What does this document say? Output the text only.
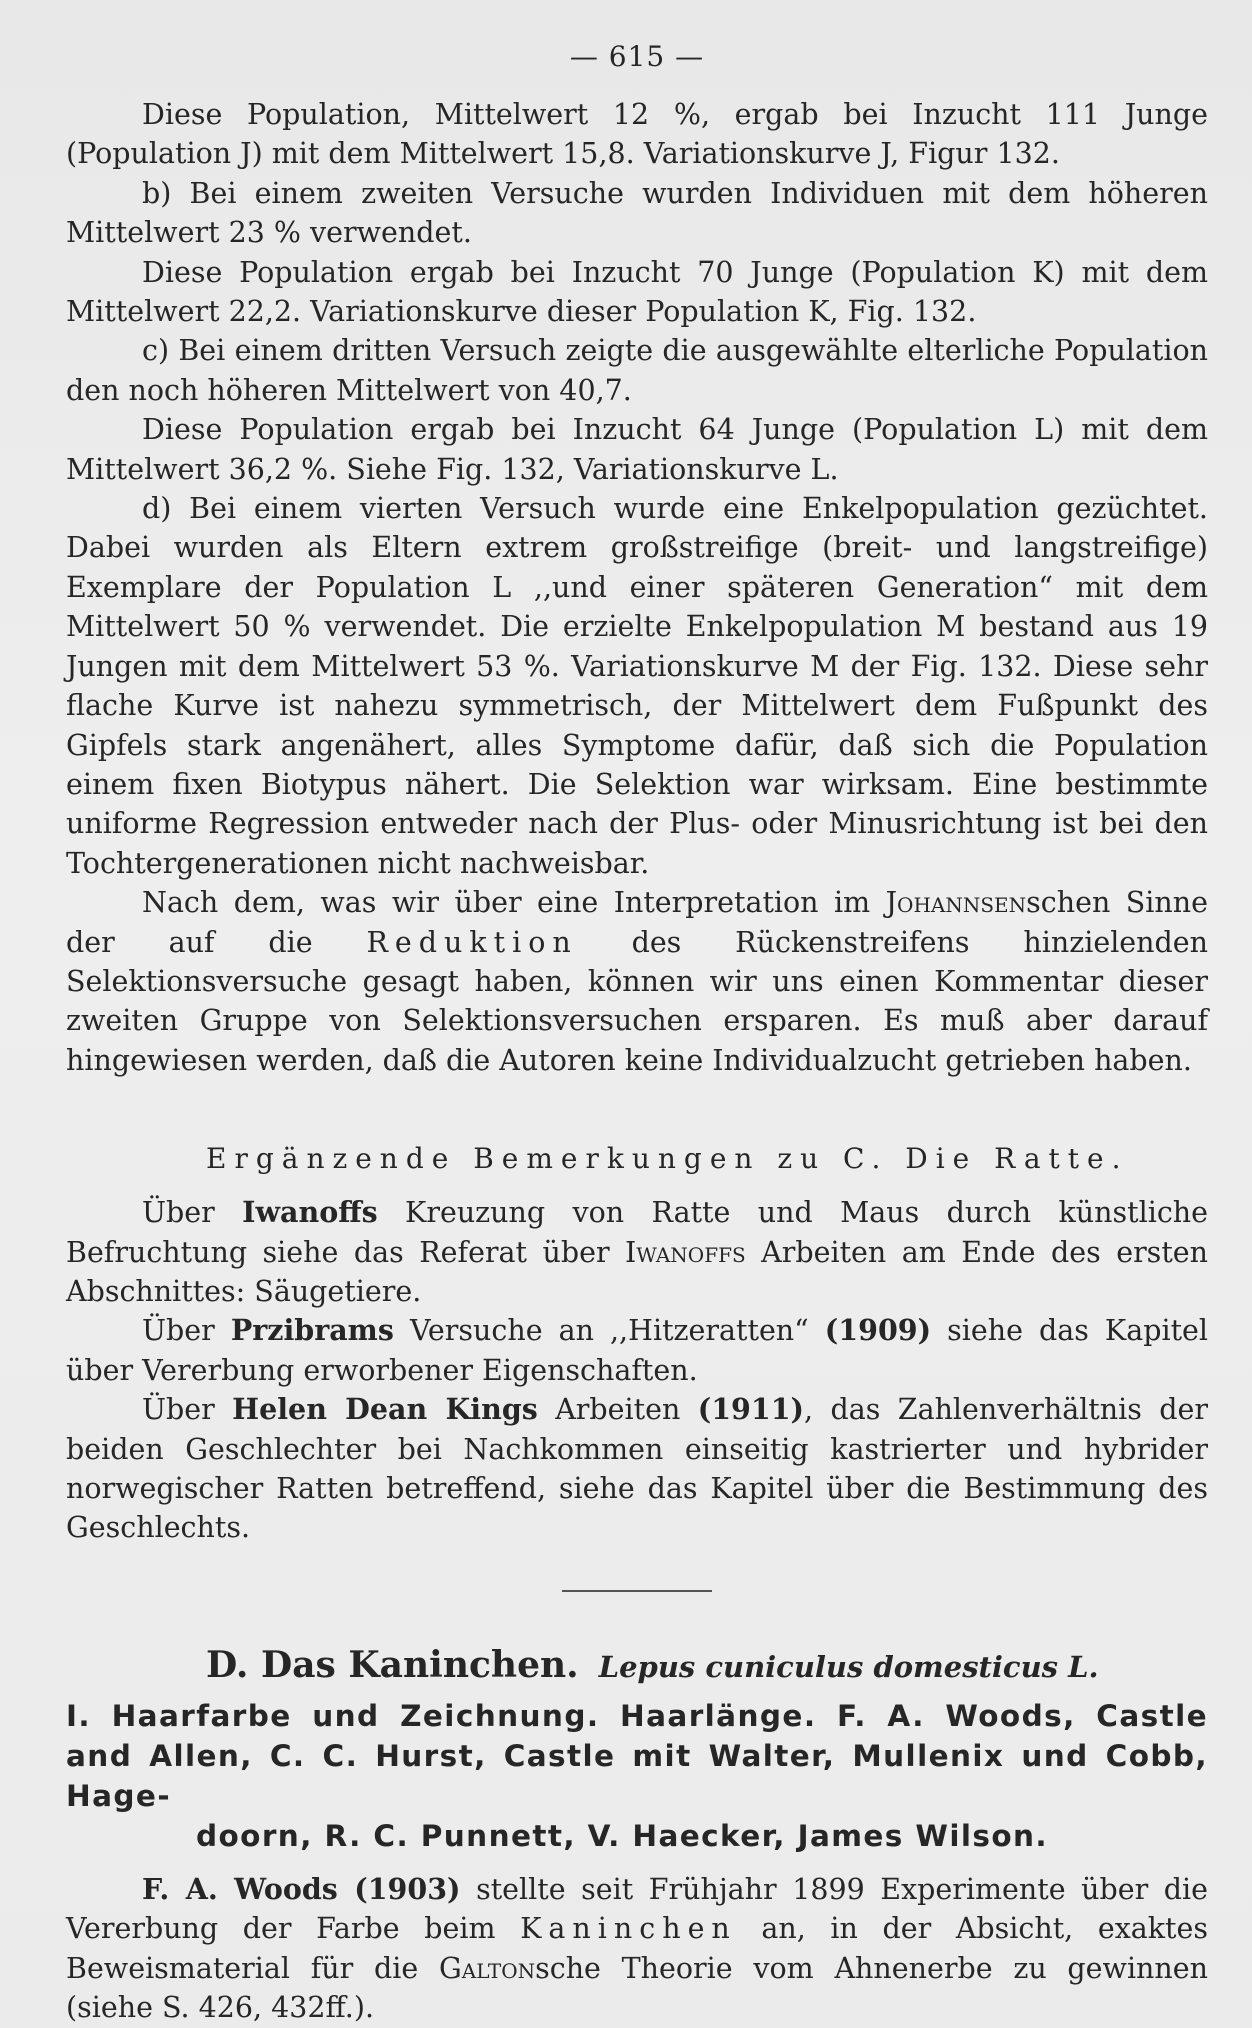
— 615 —

Diese Population, Mittelwert 12 %, ergab bei Inzucht 111 Junge (Population J) mit dem Mittelwert 15,8. Variationskurve J, Figur 132.

b) Bei einem zweiten Versuche wurden Individuen mit dem höheren Mittelwert 23 % verwendet.

Diese Population ergab bei Inzucht 70 Junge (Population K) mit dem Mittelwert 22,2. Variationskurve dieser Population K, Fig. 132.

c) Bei einem dritten Versuch zeigte die ausgewählte elterliche Population den noch höheren Mittelwert von 40,7.

Diese Population ergab bei Inzucht 64 Junge (Population L) mit dem Mittelwert 36,2 %. Siehe Fig. 132, Variationskurve L.

d) Bei einem vierten Versuch wurde eine Enkelpopulation gezüchtet. Dabei wurden als Eltern extrem großstreifige (breit- und langstreifige) Exemplare der Population L ,,und einer späteren Generation“ mit dem Mittelwert 50 % verwendet. Die erzielte Enkelpopulation M bestand aus 19 Jungen mit dem Mittelwert 53 %. Variationskurve M der Fig. 132. Diese sehr flache Kurve ist nahezu symmetrisch, der Mittelwert dem Fußpunkt des Gipfels stark angenähert, alles Symptome dafür, daß sich die Population einem fixen Biotypus nähert. Die Selektion war wirksam. Eine bestimmte uniforme Regression entweder nach der Plus- oder Minusrichtung ist bei den Tochtergenerationen nicht nachweisbar.

Nach dem, was wir über eine Interpretation im Johannsenschen Sinne der auf die Reduktion des Rückenstreifens hinzielenden Selektionsversuche gesagt haben, können wir uns einen Kommentar dieser zweiten Gruppe von Selektionsversuchen ersparen. Es muß aber darauf hingewiesen werden, daß die Autoren keine Individualzucht getrieben haben.

Ergänzende Bemerkungen zu C. Die Ratte.

Über Iwanoffs Kreuzung von Ratte und Maus durch künstliche Befruchtung siehe das Referat über Iwanoffs Arbeiten am Ende des ersten Abschnittes: Säugetiere.

Über Przibrams Versuche an ,,Hitzeratten“ (1909) siehe das Kapitel über Vererbung erworbener Eigenschaften.

Über Helen Dean Kings Arbeiten (1911), das Zahlenverhältnis der beiden Geschlechter bei Nachkommen einseitig kastrierter und hybrider norwegischer Ratten betreffend, siehe das Kapitel über die Bestimmung des Geschlechts.

D. Das Kaninchen. Lepus cuniculus domesticus L.
I. Haarfarbe und Zeichnung. Haarlänge. F. A. Woods, Castle and Allen, C. C. Hurst, Castle mit Walter, Mullenix und Cobb, Hage-
doorn, R. C. Punnett, V. Haecker, James Wilson.

F. A. Woods (1903) stellte seit Frühjahr 1899 Experimente über die Vererbung der Farbe beim Kaninchen an, in der Absicht, exaktes Beweismaterial für die Galtonsche Theorie vom Ahnenerbe zu gewinnen (siehe S. 426, 432ff.).
